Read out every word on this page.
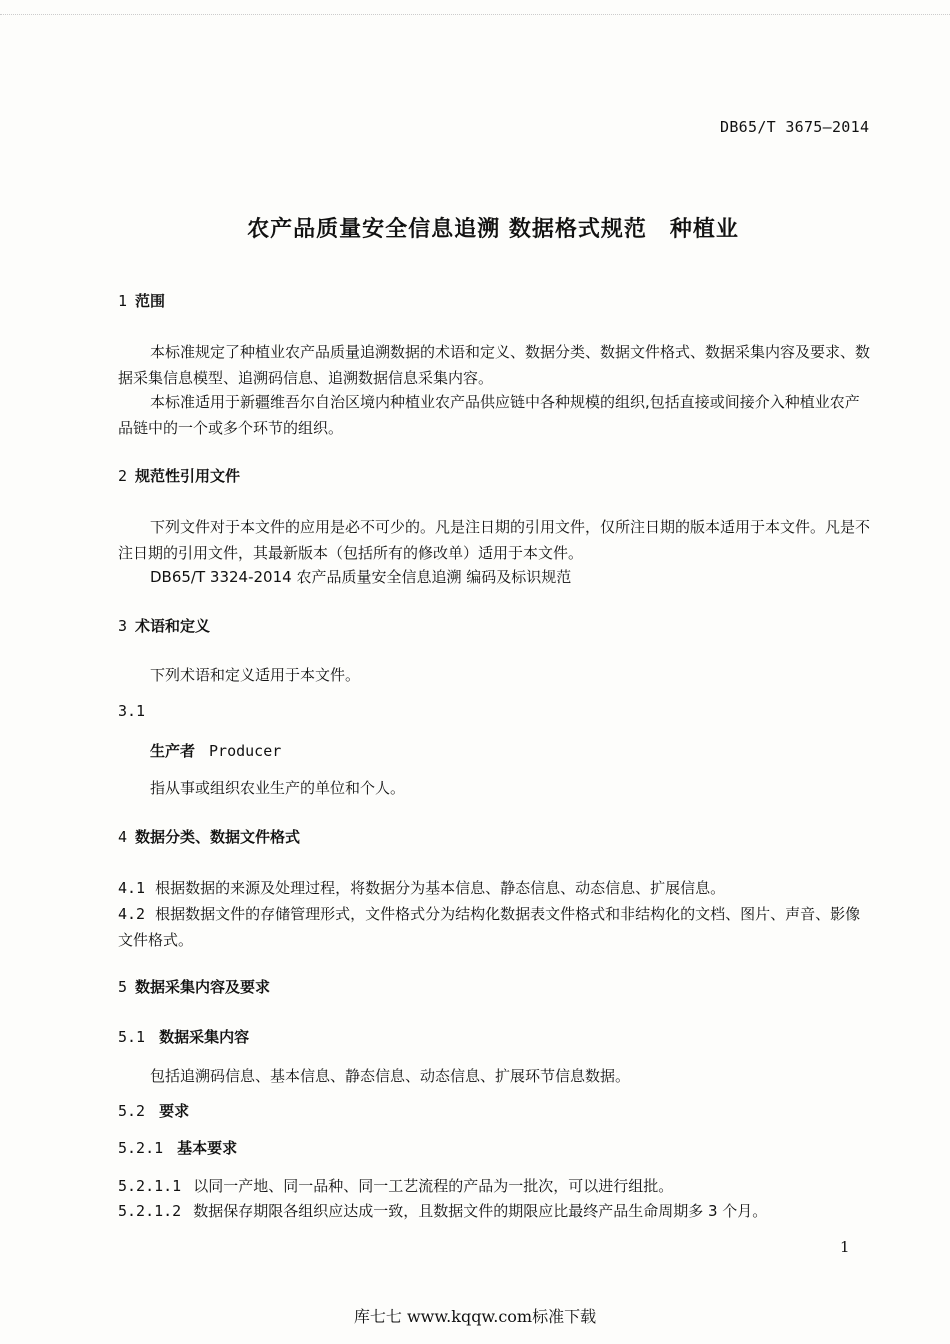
DB65/T 3675—2014
农产品质量安全信息追溯 数据格式规范　种植业
1 范围
本标准规定了种植业农产品质量追溯数据的术语和定义、数据分类、数据文件格式、数据采集内容及要求、数据采集信息模型、追溯码信息、追溯数据信息采集内容。
本标准适用于新疆维吾尔自治区境内种植业农产品供应链中各种规模的组织,包括直接或间接介入种植业农产品链中的一个或多个环节的组织。
2 规范性引用文件
下列文件对于本文件的应用是必不可少的。凡是注日期的引用文件，仅所注日期的版本适用于本文件。凡是不注日期的引用文件，其最新版本（包括所有的修改单）适用于本文件。
DB65/T 3324-2014 农产品质量安全信息追溯 编码及标识规范
3 术语和定义
下列术语和定义适用于本文件。
3.1
生产者 Producer
指从事或组织农业生产的单位和个人。
4 数据分类、数据文件格式
4.1 根据数据的来源及处理过程，将数据分为基本信息、静态信息、动态信息、扩展信息。
4.2 根据数据文件的存储管理形式，文件格式分为结构化数据表文件格式和非结构化的文档、图片、声音、影像文件格式。
5 数据采集内容及要求
5.1 数据采集内容
包括追溯码信息、基本信息、静态信息、动态信息、扩展环节信息数据。
5.2 要求
5.2.1 基本要求
5.2.1.1 以同一产地、同一品种、同一工艺流程的产品为一批次，可以进行组批。
5.2.1.2 数据保存期限各组织应达成一致，且数据文件的期限应比最终产品生命周期多 3 个月。
1
库七七 www.kqqw.com标准下载
